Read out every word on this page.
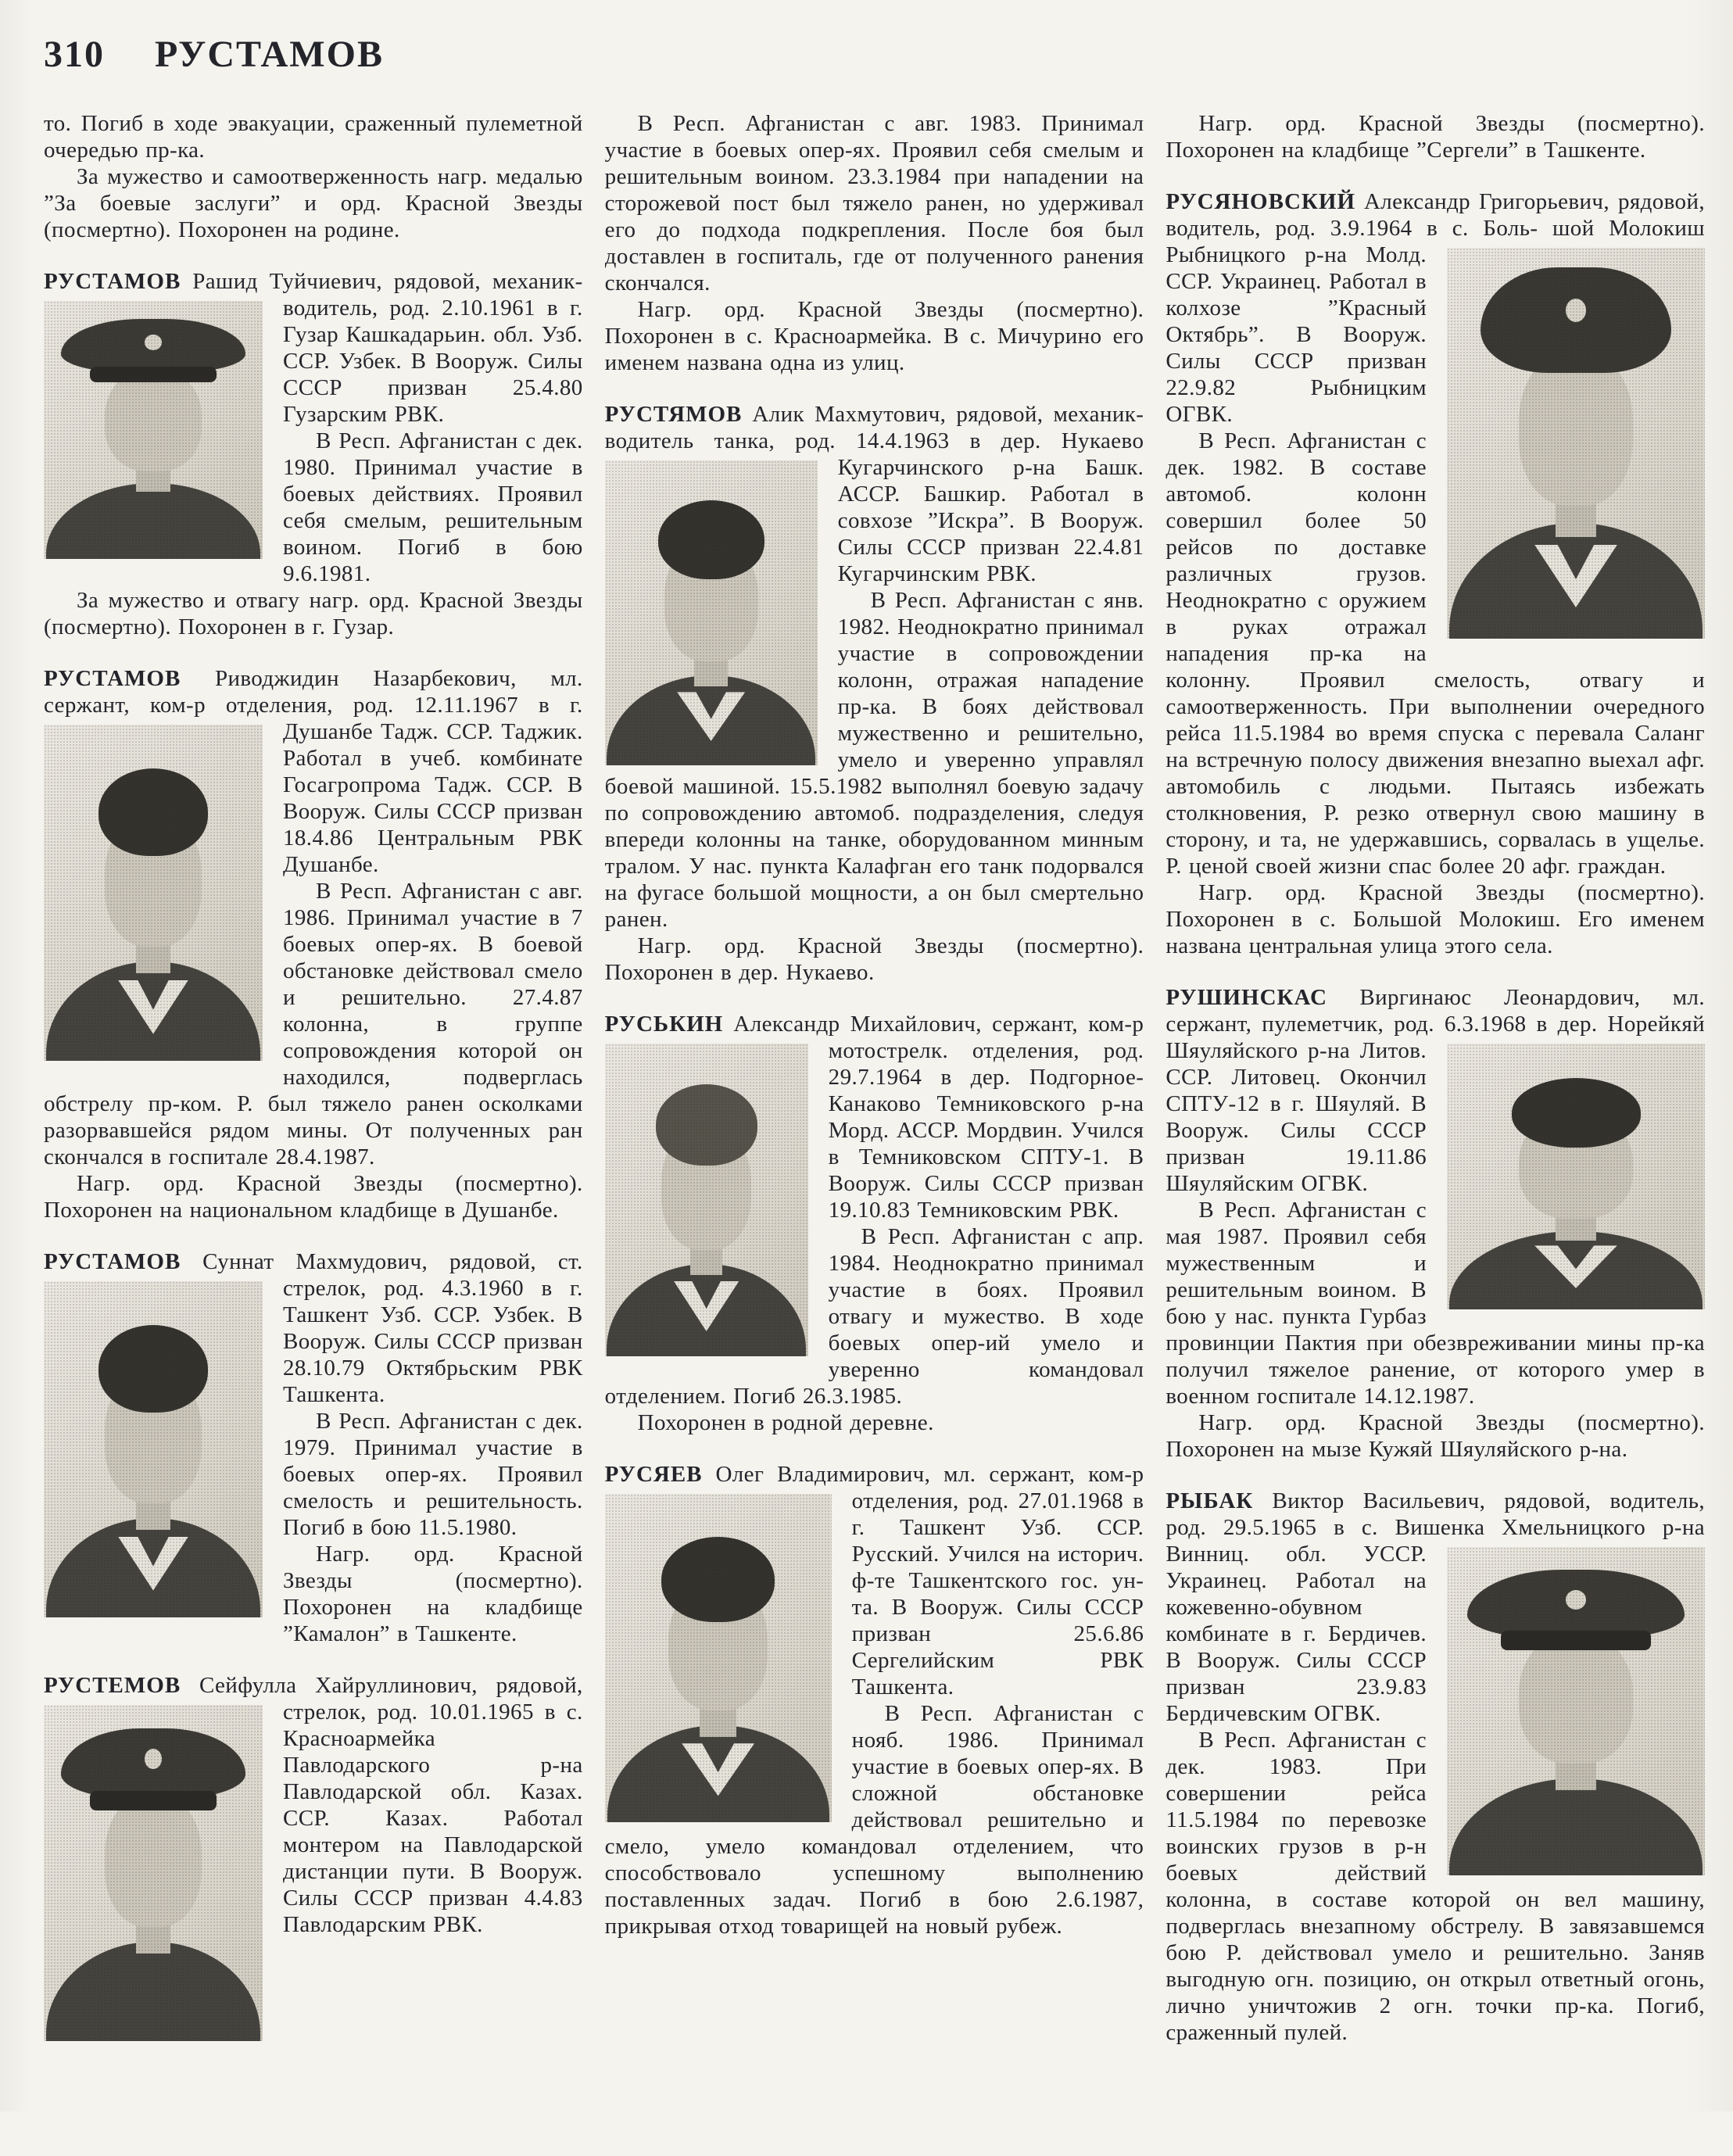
310 РУСТАМОВ

то. Погиб в ходе эвакуации, сраженный пулеметной очередью пр-ка.

За мужество и самоотверженность нагр. медалью ”За боевые заслуги” и орд. Красной Звезды (посмертно). Похоронен на родине.

РУСТАМОВ Рашид Туйчиевич, рядовой, механик-водитель, род. 2.10.1961 в г.
Гузар Кашкадарьин. обл. Узб. ССР. Узбек. В Вооруж. Силы СССР призван 25.4.80 Гузарским РВК.

В Респ. Афганистан с дек. 1980. Принимал участие в боевых действиях. Проявил себя смелым, решительным воином. Погиб в бою 9.6.1981.

За мужество и отвагу нагр. орд. Красной Звезды (посмертно). Похоронен в г. Гузар.

РУСТАМОВ Риводжидин Назарбекович, мл. сержант, ком-р отделения, род. 12.11.1967 в г. Душанбе Тадж. ССР. Таджик. Работал в учеб. комбинате Госагропрома Тадж. ССР. В Вооруж. Силы СССР призван 18.4.86 Центральным РВК Душанбе.

В Респ. Афганистан с авг. 1986. Принимал участие в 7 боевых опер-ях. В боевой обстановке действовал смело и решительно. 27.4.87 колонна, в группе сопровождения которой он находился, подверглась обстрелу пр-ком. Р. был тяжело ранен осколками разорвавшейся рядом мины. От полученных ран скончался в госпитале 28.4.1987.

Нагр. орд. Красной Звезды (посмертно). Похоронен на национальном кладбище в Душанбе.

РУСТАМОВ Суннат Махмудович, рядовой, ст. стрелок, род. 4.3.1960 в г.
Ташкент Узб. ССР. Узбек. В Вооруж. Силы СССР призван 28.10.79 Октябрьским РВК Ташкента.

В Респ. Афганистан с дек. 1979. Принимал участие в боевых опер-ях. Проявил смелость и решительность. Погиб в бою 11.5.1980.

Нагр. орд. Красной Звезды (посмертно). Похоронен на кладбище ”Камалон” в Ташкенте.

РУСТЕМОВ Сейфулла Хайруллинович, рядовой,
стрелок, род. 10.01.1965 в с. Красноармейка Павлодарского р-на Павлодарской обл. Казах. ССР. Казах. Работал монтером на Павлодарской дистанции пути. В Вооруж. Силы СССР призван 4.4.83 Павлодарским РВК.

В Респ. Афганистан с авг. 1983. Принимал участие в боевых опер-ях. Проявил себя смелым и решительным воином. 23.3.1984 при нападении на сторожевой пост был тяжело ранен, но удерживал его до подхода подкрепления. После боя был доставлен в госпиталь, где от полученного ранения скончался.

Нагр. орд. Красной Звезды (посмертно). Похоронен в с. Красноармейка. В с. Мичурино его именем названа одна из улиц.

РУСТЯМОВ Алик Махмутович, рядовой, механик-водитель танка, род. 14.4.1963 в дер. Нукаево Кугарчинского р-на Башк. АССР. Башкир. Работал в совхозе ”Искра”. В Вооруж. Силы СССР призван 22.4.81 Кугарчинским РВК.

В Респ. Афганистан с янв. 1982. Неоднократно принимал участие в сопровождении колонн, отражая нападение пр-ка. В боях действовал мужественно и решительно, умело и уверенно управлял боевой машиной. 15.5.1982 выполнял боевую задачу по сопровождению автомоб. подразделения, следуя впереди колонны на танке, оборудованном минным тралом. У нас. пункта Калафган его танк подорвался на фугасе большой мощности, а он был смертельно ранен.

Нагр. орд. Красной Звезды (посмертно). Похоронен в дер. Нукаево.

РУСЬКИН Александр Михайлович, сержант, ком-р мотострелк. отделения, род.
29.7.1964 в дер. Подгорное-Канаково Темниковского р-на Морд. АССР. Мордвин. Учился в Темниковском СПТУ-1. В Вооруж. Силы СССР призван 19.10.83 Темниковским РВК.

В Респ. Афганистан с апр. 1984. Неоднократно принимал участие в боях. Проявил отвагу и мужество. В ходе боевых опер-ий умело и уверенно командовал отделением. Погиб 26.3.1985.

Похоронен в родной деревне.

РУСЯЕВ Олег Владимирович, мл. сержант, ком-р отделения, род. 27.01.1968 в
г. Ташкент Узб. ССР. Русский. Учился на историч. ф-те Ташкентского гос. ун-та. В Вооруж. Силы СССР призван 25.6.86 Сергелийским РВК Ташкента.

В Респ. Афганистан с нояб. 1986. Принимал участие в боевых опер-ях. В сложной обстановке действовал решительно и смело, умело командовал отделением, что способствовало успешному выполнению поставленных задач. Погиб в бою 2.6.1987, прикрывая отход товарищей на новый рубеж.

Нагр. орд. Красной Звезды (посмертно). Похоронен на кладбище ”Сергели” в Ташкенте.

РУСЯНОВСКИЙ Александр Григорьевич, рядовой, водитель, род. 3.9.1964 в с. Боль- шой Молокиш Рыбницкого р-на Молд. ССР. Украинец. Работал в колхозе ”Красный Октябрь”. В Вооруж. Силы СССР призван 22.9.82 Рыбницким ОГВК.

В Респ. Афганистан с дек. 1982. В составе автомоб. колонн совершил более 50 рейсов по доставке различных грузов. Неоднократно с оружием в руках отражал нападения пр-ка на колонну. Проявил смелость, отвагу и самоотверженность. При выполнении очередного рейса 11.5.1984 во время спуска с перевала Саланг на встречную полосу движения внезапно выехал афг. автомобиль с людьми. Пытаясь избежать столкновения, Р. резко отвернул свою машину в сторону, и та, не удержавшись, сорвалась в ущелье. Р. ценой своей жизни спас более 20 афг. граждан.

Нагр. орд. Красной Звезды (посмертно). Похоронен в с. Большой Молокиш. Его именем названа центральная улица этого села.

РУШИНСКАС Виргинаюс Леонардович, мл. сержант, пулеметчик, род. 6.3.1968 в дер. Норейкяй Шяуляйского р-на Литов. ССР. Литовец. Окончил СПТУ-12 в г. Шяуляй. В Вооруж. Силы СССР призван 19.11.86 Шяуляйским ОГВК.

В Респ. Афганистан с мая 1987. Проявил себя мужественным и решительным воином. В бою у нас. пункта Гурбаз провинции Пактия при обезвреживании мины пр-ка получил тяжелое ранение, от которого умер в военном госпитале 14.12.1987.

Нагр. орд. Красной Звезды (посмертно). Похоронен на мызе Кужяй Шяуляйского р-на.

РЫБАК Виктор Васильевич, рядовой, водитель, род. 29.5.1965 в с. Вишенка Хмельницкого р-на Винниц. обл. УССР. Украинец. Работал на кожевенно-обувном комбинате в г. Бердичев. В Вооруж. Силы СССР призван 23.9.83 Бердичевским ОГВК.

В Респ. Афганистан с дек. 1983. При совершении рейса 11.5.1984 по перевозке воинских грузов в р-н боевых действий колонна, в составе которой он вел машину, подверглась внезапному обстрелу. В завязавшемся бою Р. действовал умело и решительно. Заняв выгодную огн. позицию, он открыл ответный огонь, лично уничтожив 2 огн. точки пр-ка. Погиб, сраженный пулей.
